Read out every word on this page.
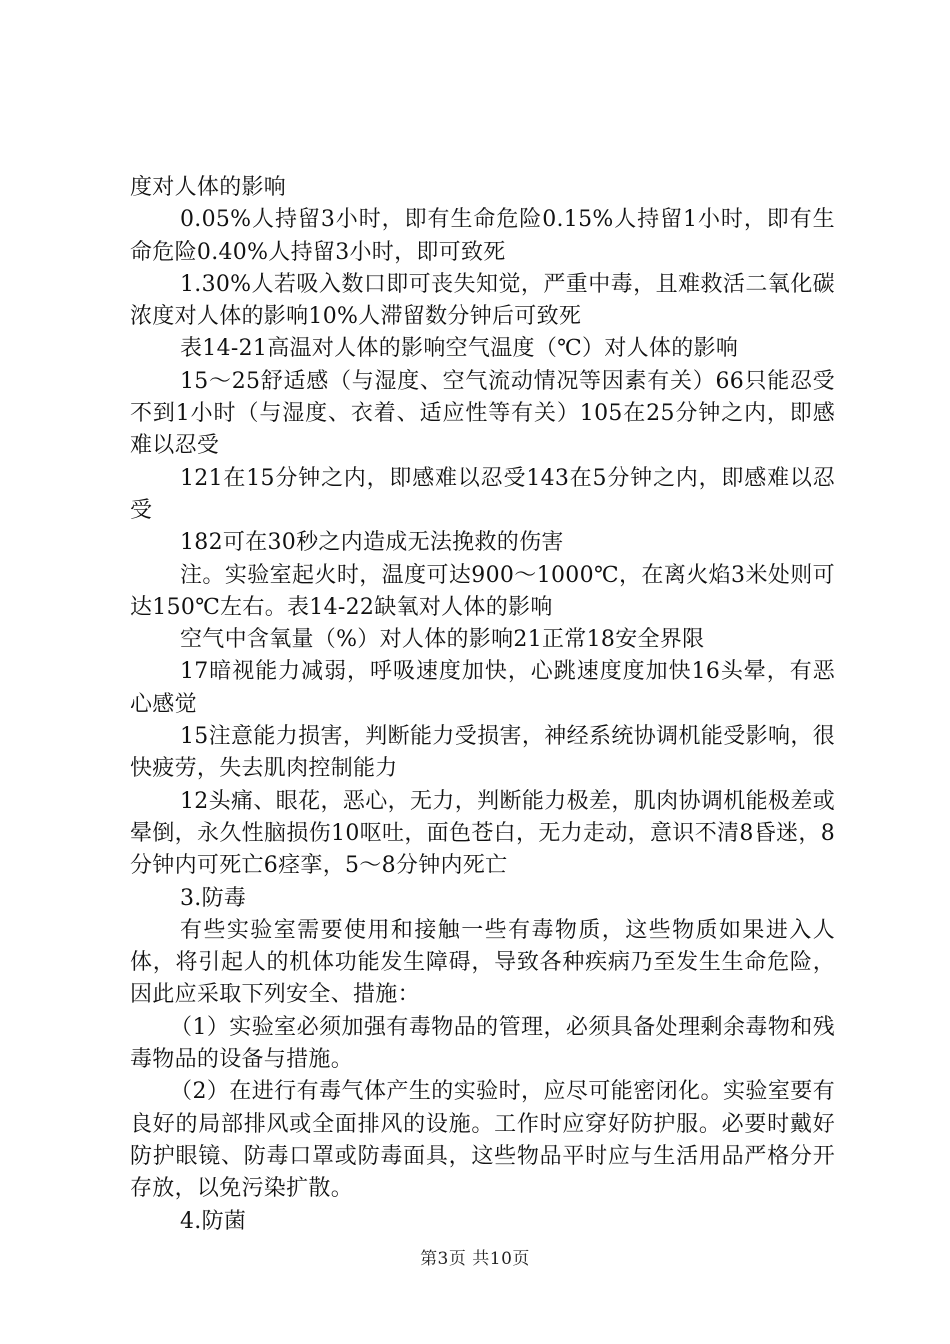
度对人体的影响

0.05%人持留3小时，即有生命危险0.15%人持留1小时，即有生命危险0.40%人持留3小时，即可致死

1.30%人若吸入数口即可丧失知觉，严重中毒，且难救活二氧化碳浓度对人体的影响10%人滞留数分钟后可致死

表14-21高温对人体的影响空气温度（℃）对人体的影响

15～25舒适感（与湿度、空气流动情况等因素有关）66只能忍受不到1小时（与湿度、衣着、适应性等有关）105在25分钟之内，即感难以忍受

121在15分钟之内，即感难以忍受143在5分钟之内，即感难以忍受

182可在30秒之内造成无法挽救的伤害

注。实验室起火时，温度可达900～1000℃，在离火焰3米处则可达150℃左右。表14-22缺氧对人体的影响

空气中含氧量（%）对人体的影响21正常18安全界限

17暗视能力减弱，呼吸速度加快，心跳速度度加快16头晕，有恶心感觉

15注意能力损害，判断能力受损害，神经系统协调机能受影响，很快疲劳，失去肌肉控制能力

12头痛、眼花，恶心，无力，判断能力极差，肌肉协调机能极差或晕倒，永久性脑损伤10呕吐，面色苍白，无力走动，意识不清8昏迷，8分钟内可死亡6痉挛，5～8分钟内死亡

3.防毒

有些实验室需要使用和接触一些有毒物质，这些物质如果进入人体，将引起人的机体功能发生障碍，导致各种疾病乃至发生生命危险，因此应采取下列安全、措施：

（1）实验室必须加强有毒物品的管理，必须具备处理剩余毒物和残毒物品的设备与措施。

（2）在进行有毒气体产生的实验时，应尽可能密闭化。实验室要有良好的局部排风或全面排风的设施。工作时应穿好防护服。必要时戴好防护眼镜、防毒口罩或防毒面具，这些物品平时应与生活用品严格分开存放，以免污染扩散。

4.防菌

第3页 共10页
